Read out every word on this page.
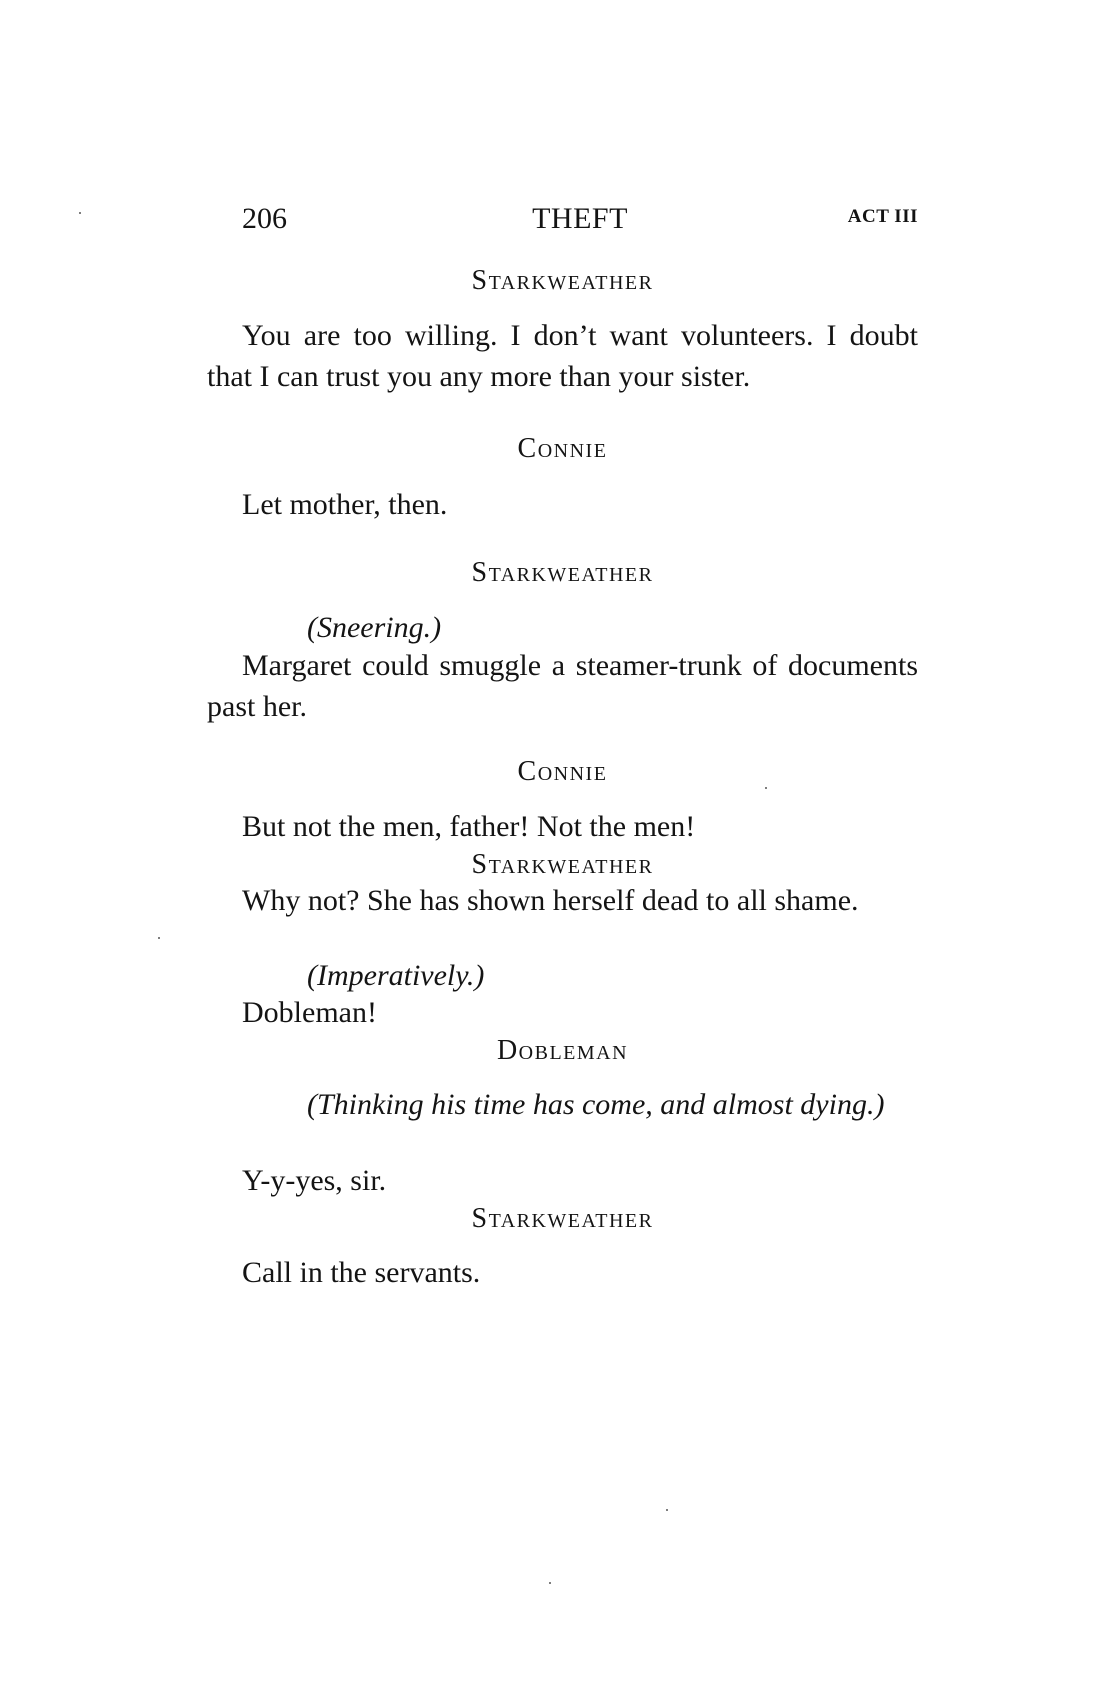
206	THEFT	ACT III
Starkweather
You are too willing. I don’t want volunteers. I doubt that I can trust you any more than your sister.
Connie
Let mother, then.
Starkweather
(Sneering.)
Margaret could smuggle a steamer-trunk of documents past her.
Connie
But not the men, father! Not the men!
Starkweather
Why not? She has shown herself dead to all shame.
(Imperatively.)
Dobleman!
Dobleman
(Thinking his time has come, and almost dying.)
Y-y-yes, sir.
Starkweather
Call in the servants.
